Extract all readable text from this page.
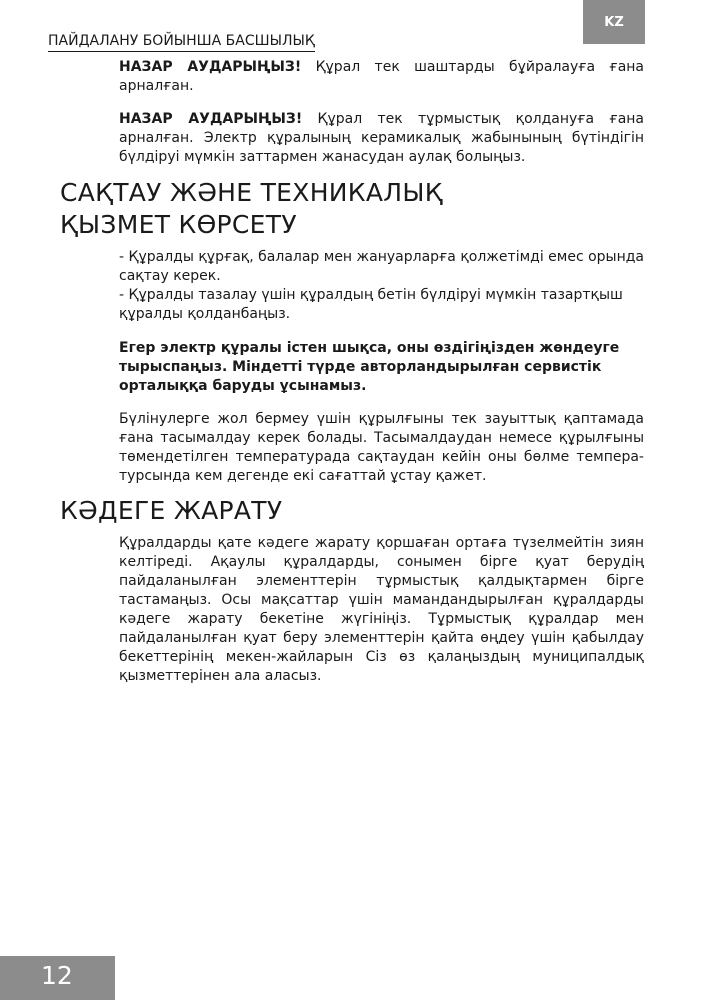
KZ
ПАЙДАЛАНУ БОЙЫНША БАСШЫЛЫҚ

НАЗАР АУДАРЫҢЫЗ! Құрал тек шаштарды бұйралауға ғана арналған.

НАЗАР АУДАРЫҢЫЗ! Құрал тек тұрмыстық қолдануға ғана арналған. Электр құралының керамикалық жабынының бүтіндігін бүлдіруі мүмкін заттармен жанасудан аулақ болыңыз.

САҚТАУ ЖӘНЕ ТЕХНИКАЛЫҚ
ҚЫЗМЕТ КӨРСЕТУ

- Құралды құрғақ, балалар мен жануарларға қолжетімді емес орында сақтау керек.

- Құралды тазалау үшін құралдың бетін бүлдіруі мүмкін тазартқыш құралды қолданбаңыз.

Егер электр құралы істен шықса, оны өздігіңізден жөндеуге тырыспаңыз. Міндетті түрде авторландырылған сервистік орталыққа баруды ұсынамыз.

Бүлінулерге жол бермеу үшін құрылғыны тек зауыттық қаптамада ғана тасымалдау керек болады. Тасымалдаудан немесе құрылғыны төмендетілген температурада сақтаудан кейін оны бөлме темпера-турсында кем дегенде екі сағаттай ұстау қажет.

КӘДЕГЕ ЖАРАТУ

Құралдарды қате кәдеге жарату қоршаған ортаға түзелмейтін зиян келтіреді. Ақаулы құралдарды, сонымен бірге қуат берудің пайдаланылған элементтерін тұрмыстық қалдықтармен бірге тастамаңыз. Осы мақсаттар үшін мамандандырылған құралдарды кәдеге жарату бекетіне жүгініңіз. Тұрмыстық құралдар мен пайдаланылған қуат беру элементтерін қайта өңдеу үшін қабылдау бекеттерінің мекен-жайларын Сіз өз қалаңыздың муниципалдық қызметтерінен ала аласыз.

12
